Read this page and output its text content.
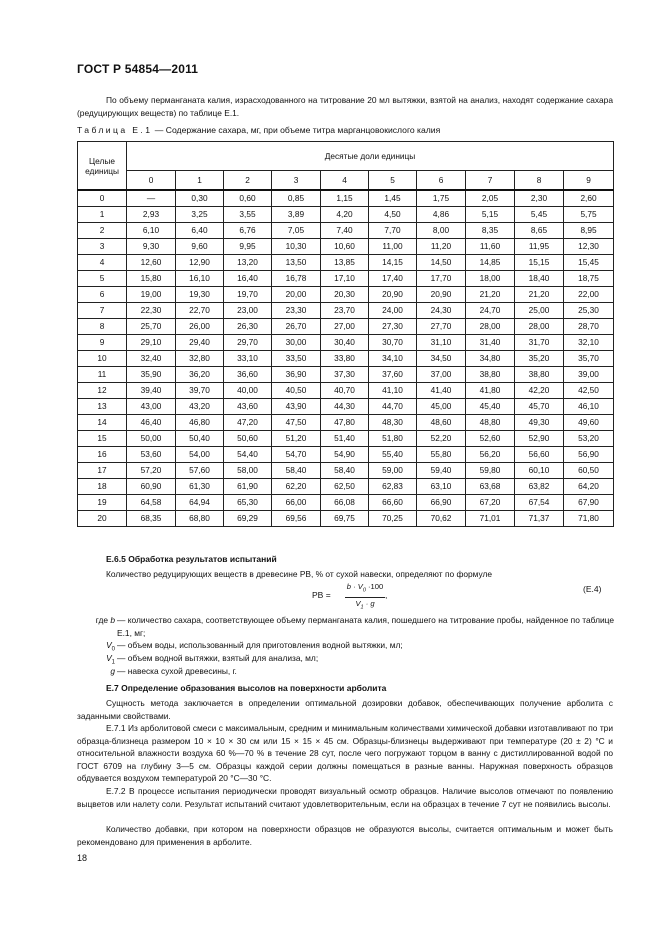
ГОСТ Р 54854—2011
По объему перманганата калия, израсходованного на титрование 20 мл вытяжки, взятой на анализ, находят содержание сахара (редуцирующих веществ) по таблице Е.1.
Таблица Е.1 — Содержание сахара, мг, при объеме титра марганцовокислого калия
Целые единицы	Десятые доли единицы									
	0	1	2	3	4	5	6	7	8	9
0	—	0,30	0,60	0,85	1,15	1,45	1,75	2,05	2,30	2,60
1	2,93	3,25	3,55	3,89	4,20	4,50	4,86	5,15	5,45	5,75
2	6,10	6,40	6,76	7,05	7,40	7,70	8,00	8,35	8,65	8,95
3	9,30	9,60	9,95	10,30	10,60	11,00	11,20	11,60	11,95	12,30
4	12,60	12,90	13,20	13,50	13,85	14,15	14,50	14,85	15,15	15,45
5	15,80	16,10	16,40	16,78	17,10	17,40	17,70	18,00	18,40	18,75
6	19,00	19,30	19,70	20,00	20,30	20,90	20,90	21,20	21,20	22,00
7	22,30	22,70	23,00	23,30	23,70	24,00	24,30	24,70	25,00	25,30
8	25,70	26,00	26,30	26,70	27,00	27,30	27,70	28,00	28,00	28,70
9	29,10	29,40	29,70	30,00	30,40	30,70	31,10	31,40	31,70	32,10
10	32,40	32,80	33,10	33,50	33,80	34,10	34,50	34,80	35,20	35,70
11	35,90	36,20	36,60	36,90	37,30	37,60	37,00	38,80	38,80	39,00
12	39,40	39,70	40,00	40,50	40,70	41,10	41,40	41,80	42,20	42,50
13	43,00	43,20	43,60	43,90	44,30	44,70	45,00	45,40	45,70	46,10
14	46,40	46,80	47,20	47,50	47,80	48,30	48,60	48,80	49,30	49,60
15	50,00	50,40	50,60	51,20	51,40	51,80	52,20	52,60	52,90	53,20
16	53,60	54,00	54,40	54,70	54,90	55,40	55,80	56,20	56,60	56,90
17	57,20	57,60	58,00	58,40	58,40	59,00	59,40	59,80	60,10	60,50
18	60,90	61,30	61,90	62,20	62,50	62,83	63,10	63,68	63,82	64,20
19	64,58	64,94	65,30	66,00	66,08	66,60	66,90	67,20	67,54	67,90
20	68,35	68,80	69,29	69,56	69,75	70,25	70,62	71,01	71,37	71,80
Е.6.5 Обработка результатов испытаний
Количество редуцирующих веществ в древесине РВ, % от сухой навески, определяют по формуле
РВ =
$b \cdot V_0 \cdot 100$
$V_1 \cdot g$
,
(Е.4)
где b — количество сахара, соответствующее объему перманганата калия, пошедшего на титрование пробы, найденное по таблице Е.1, мг;
$V_0$ — объем воды, использованный для приготовления водной вытяжки, мл;
$V_1$ — объем водной вытяжки, взятый для анализа, мл;
g — навеска сухой древесины, г.
Е.7 Определение образования высолов на поверхности арболита
Сущность метода заключается в определении оптимальной дозировки добавок, обеспечивающих получение арболита с заданными свойствами.
Е.7.1 Из арболитовой смеси с максимальным, средним и минимальным количествами химической добавки изготавливают по три образца-близнеца размером 10 × 10 × 30 см или 15 × 15 × 45 см. Образцы-близнецы выдерживают при температуре (20 ± 2) °С и относительной влажности воздуха 60 %—70 % в течение 28 сут, после чего погружают торцом в ванну с дистиллированной водой по ГОСТ 6709 на глубину 3—5 см. Образцы каждой серии должны помещаться в разные ванны. Наружная поверхность образцов обдувается воздухом температурой 20 °С—30 °С.
Е.7.2 В процессе испытания периодически проводят визуальный осмотр образцов. Наличие высолов отмечают по появлению выцветов или налету соли. Результат испытаний считают удовлетворительным, если на образцах в течение 7 сут не появились высолы.
Количество добавки, при котором на поверхности образцов не образуются высолы, считается оптимальным и может быть рекомендовано для применения в арболите.
18
